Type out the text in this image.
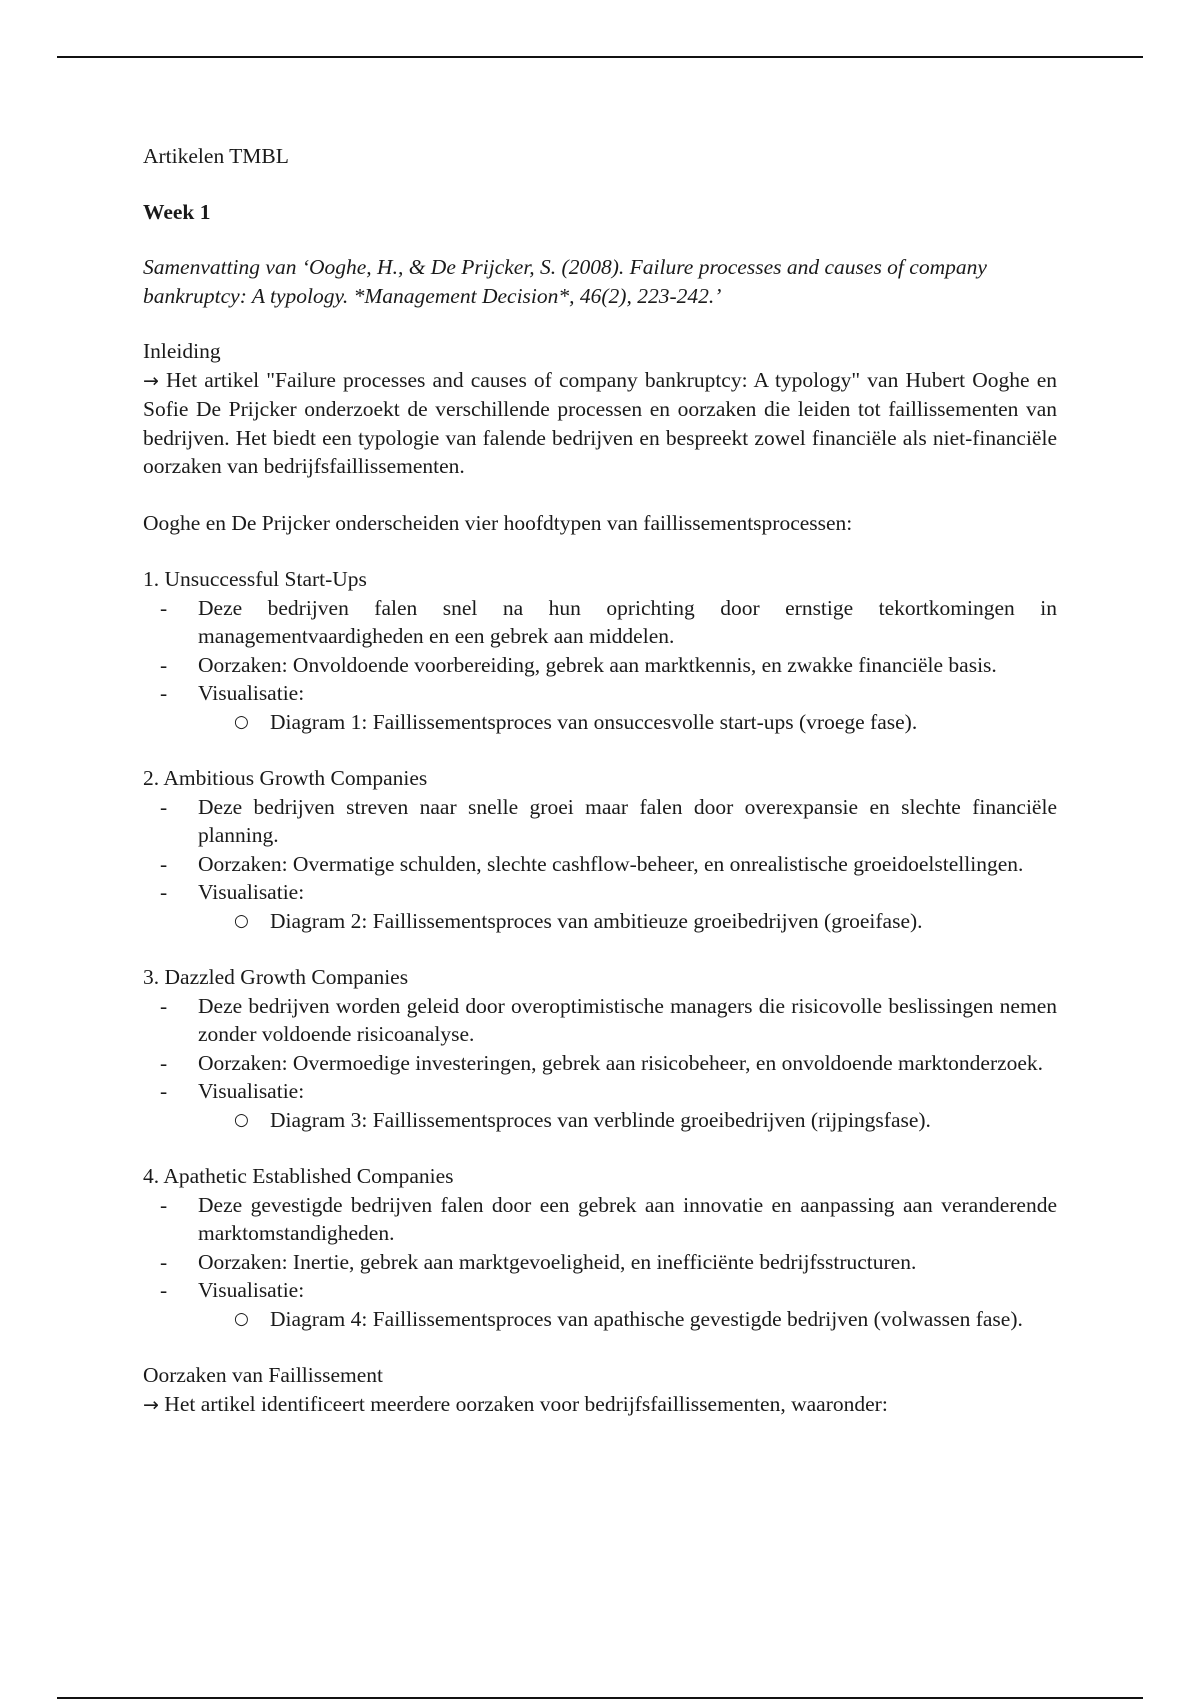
Artikelen TMBL

Week 1

Samenvatting van ‘Ooghe, H., & De Prijcker, S. (2008). Failure processes and causes of company bankruptcy: A typology. *Management Decision*, 46(2), 223-242.’

Inleiding

→ Het artikel "Failure processes and causes of company bankruptcy: A typology" van Hubert Ooghe en Sofie De Prijcker onderzoekt de verschillende processen en oorzaken die leiden tot faillissementen van bedrijven. Het biedt een typologie van falende bedrijven en bespreekt zowel financiële als niet-financiële oorzaken van bedrijfsfaillissementen.

Ooghe en De Prijcker onderscheiden vier hoofdtypen van faillissementsprocessen:

1. Unsuccessful Start-Ups

- Deze bedrijven falen snel na hun oprichting door ernstige tekortkomingen in managementvaardigheden en een gebrek aan middelen.
- Oorzaken: Onvoldoende voorbereiding, gebrek aan marktkennis, en zwakke financiële basis.
- Visualisatie:
○ Diagram 1: Faillissementsproces van onsuccesvolle start-ups (vroege fase).

2. Ambitious Growth Companies

- Deze bedrijven streven naar snelle groei maar falen door overexpansie en slechte financiële planning.
- Oorzaken: Overmatige schulden, slechte cashflow-beheer, en onrealistische groeidoelstellingen.
- Visualisatie:
○ Diagram 2: Faillissementsproces van ambitieuze groeibedrijven (groeifase).

3. Dazzled Growth Companies

- Deze bedrijven worden geleid door overoptimistische managers die risicovolle beslissingen nemen zonder voldoende risicoanalyse.
- Oorzaken: Overmoedige investeringen, gebrek aan risicobeheer, en onvoldoende marktonderzoek.
- Visualisatie:
○ Diagram 3: Faillissementsproces van verblinde groeibedrijven (rijpingsfase).

4. Apathetic Established Companies

- Deze gevestigde bedrijven falen door een gebrek aan innovatie en aanpassing aan veranderende marktomstandigheden.
- Oorzaken: Inertie, gebrek aan marktgevoeligheid, en inefficiënte bedrijfsstructuren.
- Visualisatie:
○ Diagram 4: Faillissementsproces van apathische gevestigde bedrijven (volwassen fase).

Oorzaken van Faillissement

→ Het artikel identificeert meerdere oorzaken voor bedrijfsfaillissementen, waaronder:
